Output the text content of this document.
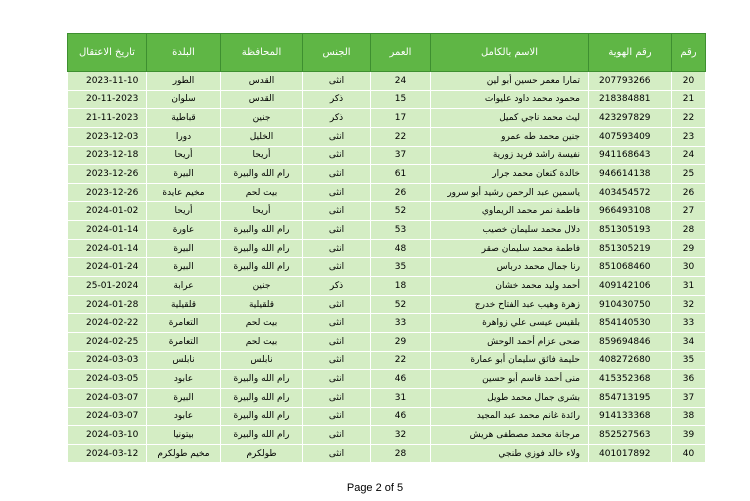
رقم	رقم الهوية	الاسم بالكامل	العمر	الجنس	المحافظة	البلدة	تاريخ الاعتقال
20	207793266	تمارا معمر حسين أبو لين	24	انثى	القدس	الطور	2023-11-10
21	218384881	محمود محمد داود عليوات	15	ذكر	القدس	سلوان	20-11-2023
22	423297829	ليث محمد ناجي كميل	17	ذكر	جنين	قباطية	21-11-2023
23	407593409	جنين محمد طه عمرو	22	انثى	الخليل	دورا	2023-12-03
24	941168643	نفيسة راشد فريد زورية	37	انثى	أريحا	أريحا	2023-12-18
25	946614138	خالدة كنعان محمد جرار	61	انثى	رام الله والبيرة	البيرة	2023-12-26
26	403454572	ياسمين عبد الرحمن رشيد أبو سرور	26	انثى	بيت لحم	مخيم عايدة	2023-12-26
27	966493108	فاطمة نمر محمد الريماوي	52	انثى	أريحا	أريحا	2024-01-02
28	851305193	دلال محمد سليمان خصيب	53	انثى	رام الله والبيرة	عاورة	2024-01-14
29	851305219	فاطمة محمد سليمان صقر	48	انثى	رام الله والبيرة	البيرة	2024-01-14
30	851068460	رنا جمال محمد درباس	35	انثى	رام الله والبيرة	البيرة	2024-01-24
31	409142106	أحمد وليد محمد خشان	18	ذكر	جنين	عرابة	25-01-2024
32	910430750	زهرة وهيب عبد الفتاح خدرج	52	انثى	قلقيلية	قلقيلية	2024-01-28
33	854140530	بلقيس عيسى علي زواهرة	33	انثى	بيت لحم	التعامرة	2024-02-22
34	859694846	ضحى عزام أحمد الوحش	29	انثى	بيت لحم	التعامرة	2024-02-25
35	408272680	حليمة فائق سليمان أبو عمارة	22	انثى	نابلس	نابلس	2024-03-03
36	415352368	منى أحمد قاسم أبو حسين	46	انثى	رام الله والبيرة	عابود	2024-03-05
37	854713195	بشرى جمال محمد طويل	31	انثى	رام الله والبيرة	البيرة	2024-03-07
38	914133368	رائدة غانم محمد عبد المجيد	46	انثى	رام الله والبيرة	عابود	2024-03-07
39	852527563	مرجانة محمد مصطفى هريش	32	انثى	رام الله والبيرة	بيتونيا	2024-03-10
40	401017892	ولاء خالد فوزي طنجي	28	انثى	طولكرم	مخيم طولكرم	2024-03-12
Page 2 of 5
